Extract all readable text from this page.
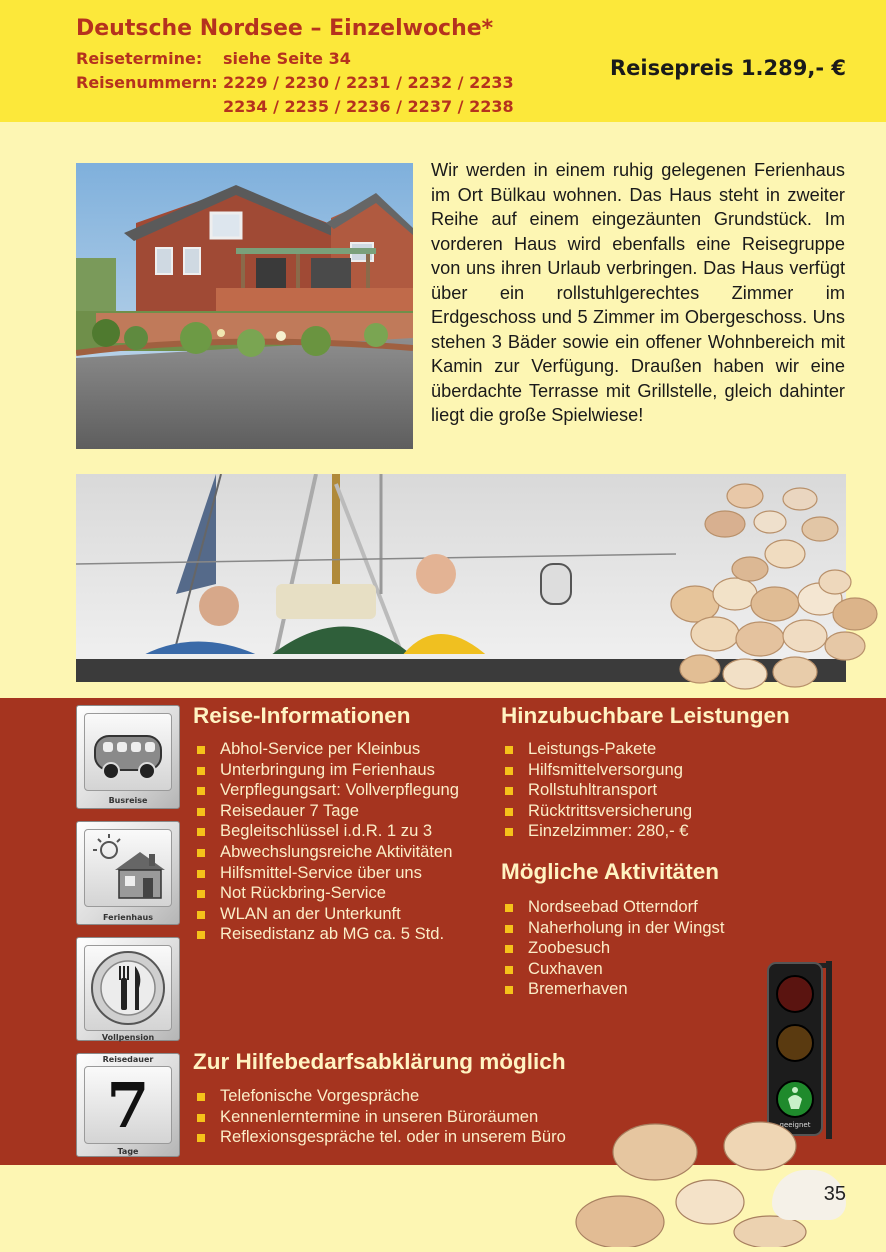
Deutsche Nordsee – Einzelwoche*
Reisetermine: siehe Seite 34
Reisenummern: 2229 / 2230 / 2231 / 2232 / 2233
2234 / 2235 / 2236 / 2237 / 2238
Reisepreis 1.289,- €
Wir werden in einem ruhig gelegenen Ferienhaus im Ort Bülkau wohnen. Das Haus steht in zweiter Reihe auf einem eingezäunten Grundstück. Im vorderen Haus wird ebenfalls eine Reisegruppe von uns ihren Urlaub verbringen. Das Haus verfügt über ein rollstuhlgerechtes Zimmer im Erdgeschoss und 5 Zimmer im Obergeschoss. Uns stehen 3 Bäder sowie ein offener Wohnbereich mit Kamin zur Verfügung. Draußen haben wir eine überdachte Terrasse mit Grillstelle, gleich dahinter liegt die große Spielwiese!
Busreise
Ferienhaus
Vollpension
Reisedauer
7
Tage
Reise-Informationen
Abhol-Service per Kleinbus
Unterbringung im Ferienhaus
Verpflegungsart: Vollverpflegung
Reisedauer 7 Tage
Begleitschlüssel i.d.R. 1 zu 3
Abwechslungsreiche Aktivitäten
Hilfsmittel-Service über uns
Not Rückbring-Service
WLAN an der Unterkunft
Reisedistanz ab MG ca. 5 Std.
Hinzubuchbare Leistungen
Leistungs-Pakete
Hilfsmittelversorgung
Rollstuhltransport
Rücktrittsversicherung
Einzelzimmer: 280,- €
Mögliche Aktivitäten
Nordseebad Otterndorf
Naherholung in der Wingst
Zoobesuch
Cuxhaven
Bremerhaven
Zur Hilfebedarfsabklärung möglich
Telefonische Vorgespräche
Kennenlerntermine in unseren Büroräumen
Reflexionsgespräche tel. oder in unserem Büro
geeignet
35
